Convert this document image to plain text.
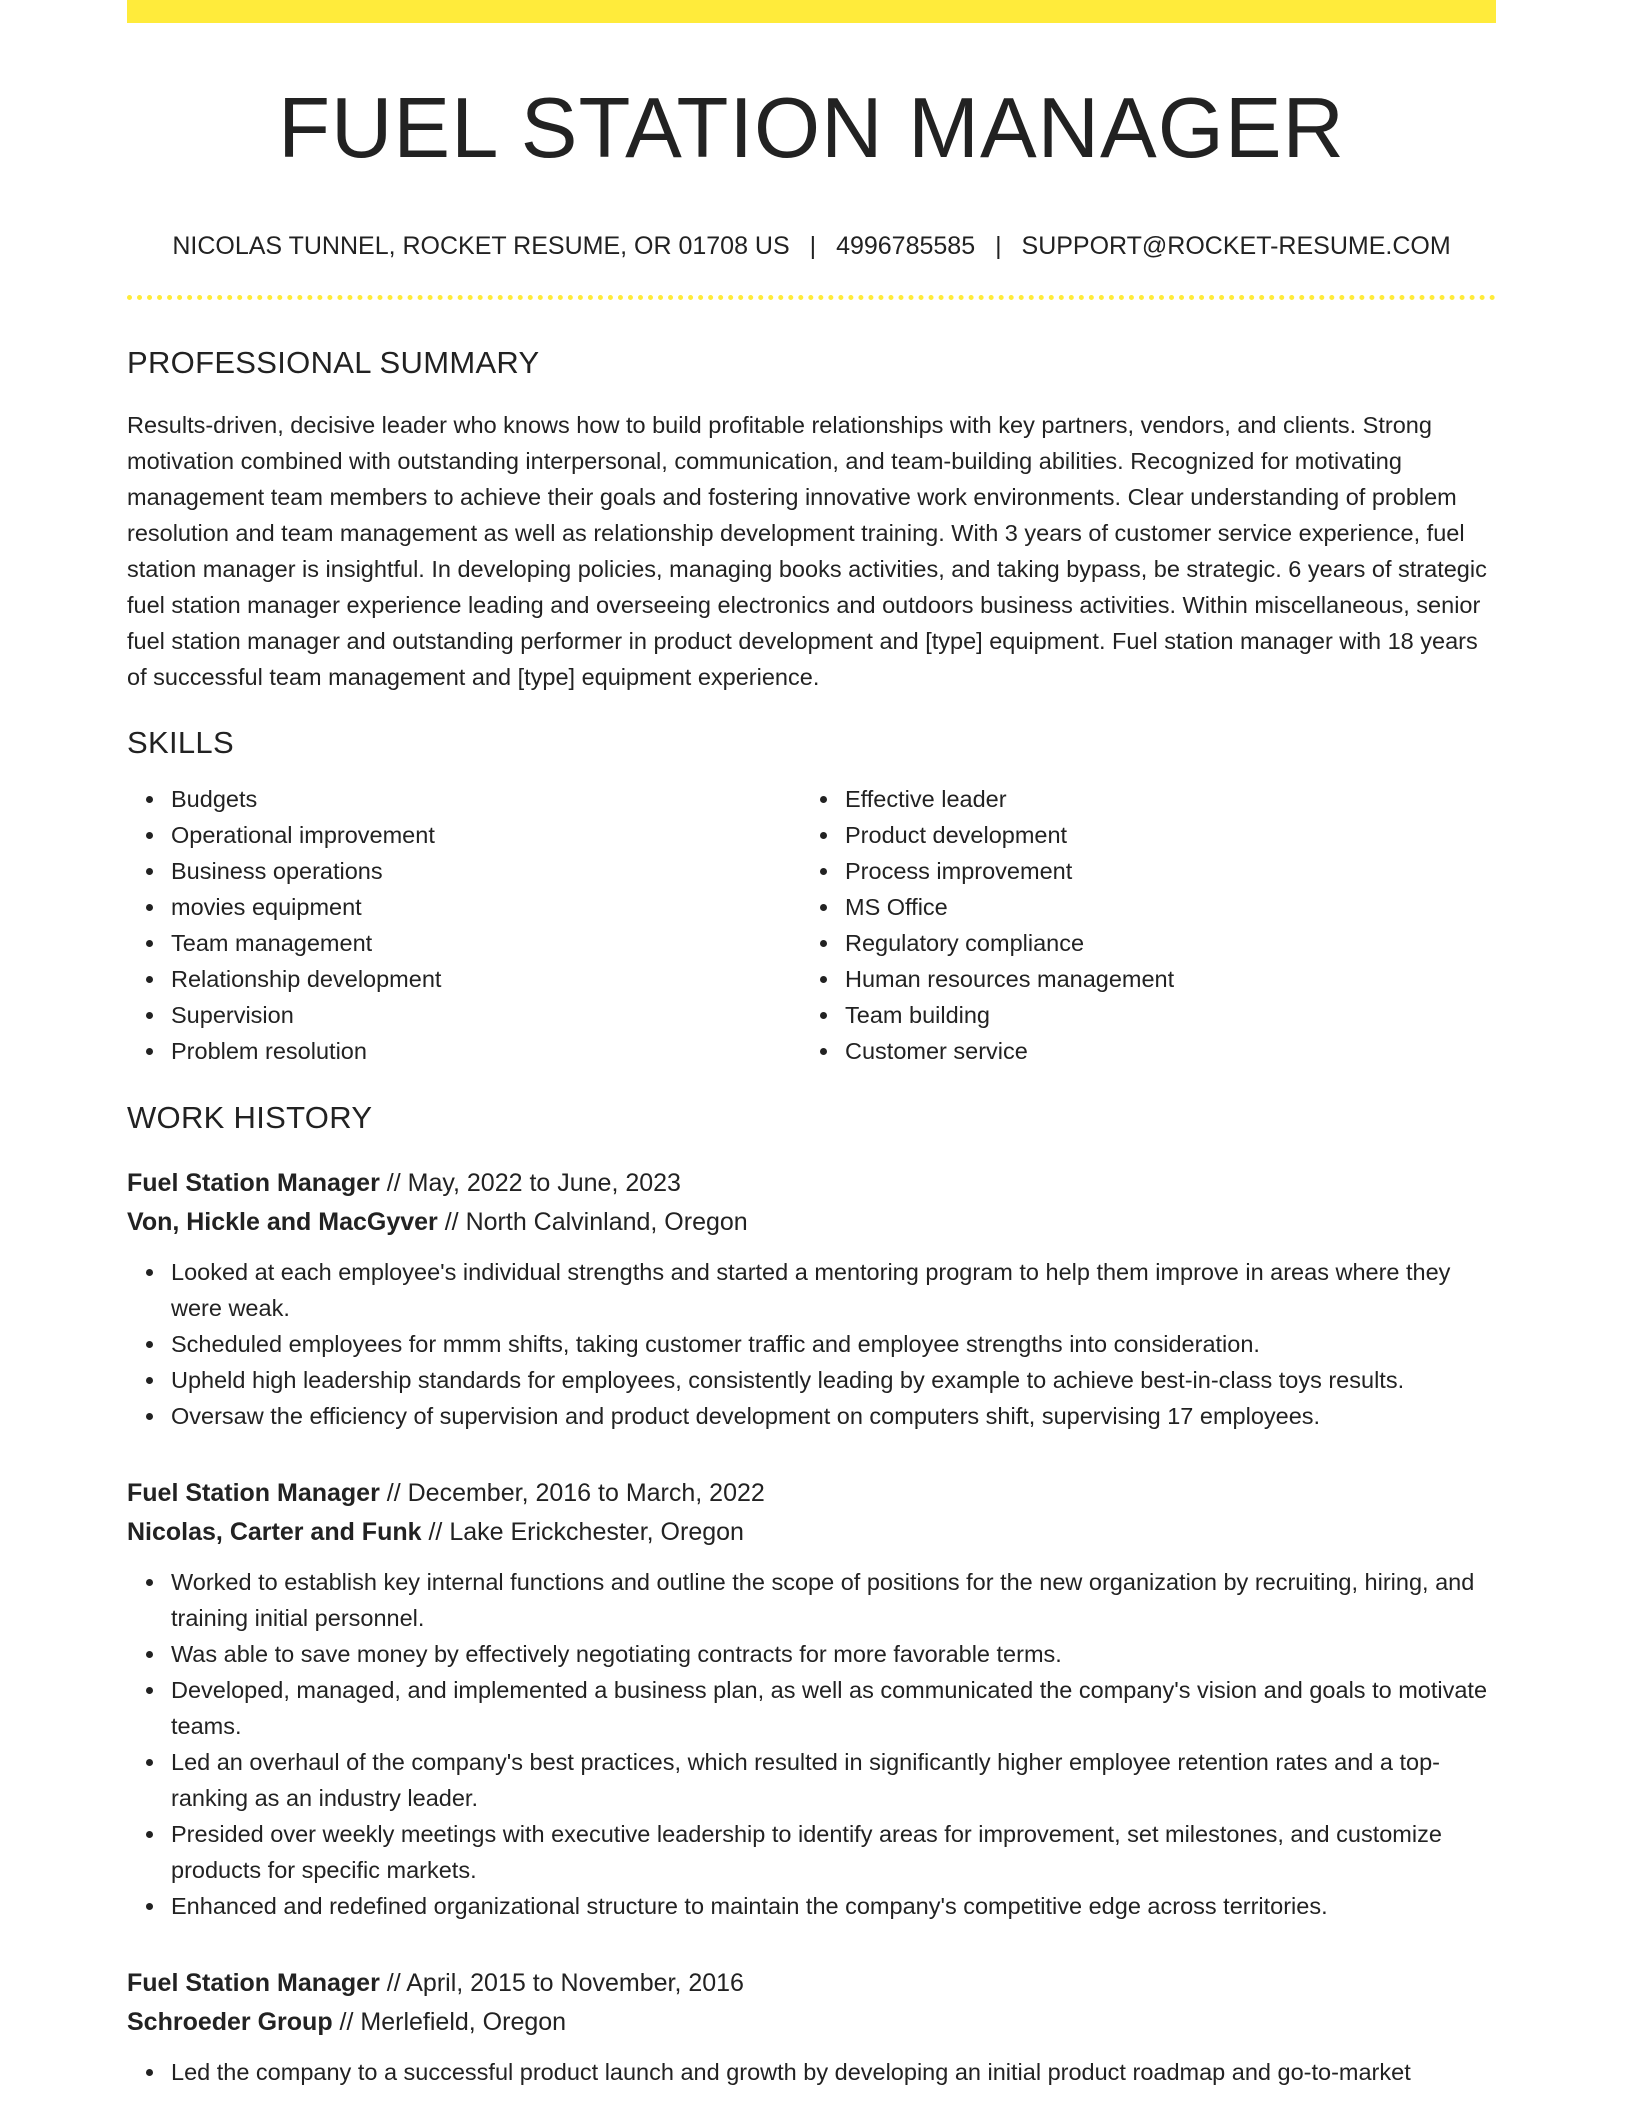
FUEL STATION MANAGER
NICOLAS TUNNEL, ROCKET RESUME, OR 01708 US | 4996785585 | SUPPORT@ROCKET-RESUME.COM
PROFESSIONAL SUMMARY

Results-driven, decisive leader who knows how to build profitable relationships with key partners, vendors, and clients. Strong motivation combined with outstanding interpersonal, communication, and team-building abilities. Recognized for motivating management team members to achieve their goals and fostering innovative work environments. Clear understanding of problem resolution and team management as well as relationship development training. With 3 years of customer service experience, fuel station manager is insightful. In developing policies, managing books activities, and taking bypass, be strategic. 6 years of strategic fuel station manager experience leading and overseeing electronics and outdoors business activities. Within miscellaneous, senior fuel station manager and outstanding performer in product development and [type] equipment. Fuel station manager with 18 years of successful team management and [type] equipment experience.

SKILLS
Budgets
Operational improvement
Business operations
movies equipment
Team management
Relationship development
Supervision
Problem resolution
Effective leader
Product development
Process improvement
MS Office
Regulatory compliance
Human resources management
Team building
Customer service
WORK HISTORY
Fuel Station Manager // May, 2022 to June, 2023
Von, Hickle and MacGyver // North Calvinland, Oregon
Looked at each employee's individual strengths and started a mentoring program to help them improve in areas where they were weak.
Scheduled employees for mmm shifts, taking customer traffic and employee strengths into consideration.
Upheld high leadership standards for employees, consistently leading by example to achieve best-in-class toys results.
Oversaw the efficiency of supervision and product development on computers shift, supervising 17 employees.
Fuel Station Manager // December, 2016 to March, 2022
Nicolas, Carter and Funk // Lake Erickchester, Oregon
Worked to establish key internal functions and outline the scope of positions for the new organization by recruiting, hiring, and training initial personnel.
Was able to save money by effectively negotiating contracts for more favorable terms.
Developed, managed, and implemented a business plan, as well as communicated the company's vision and goals to motivate teams.
Led an overhaul of the company's best practices, which resulted in significantly higher employee retention rates and a top-ranking as an industry leader.
Presided over weekly meetings with executive leadership to identify areas for improvement, set milestones, and customize products for specific markets.
Enhanced and redefined organizational structure to maintain the company's competitive edge across territories.
Fuel Station Manager // April, 2015 to November, 2016
Schroeder Group // Merlefield, Oregon
Led the company to a successful product launch and growth by developing an initial product roadmap and go-to-market
